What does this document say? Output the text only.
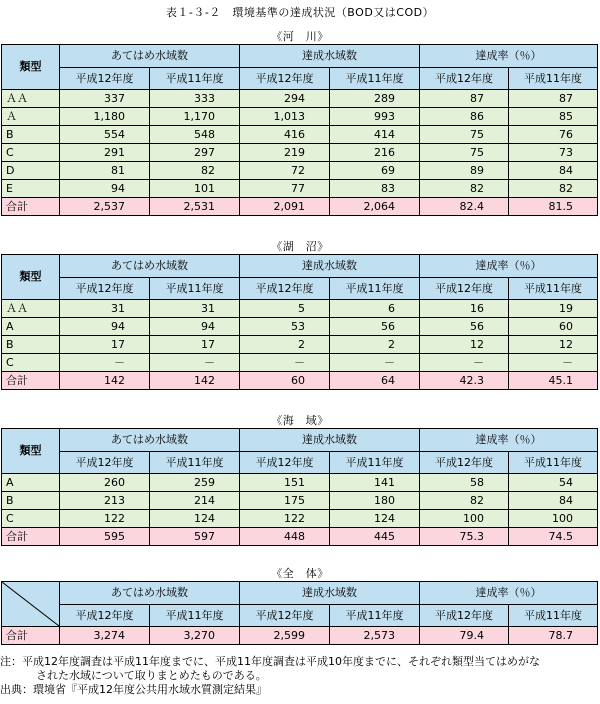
表１-３-２　環境基準の達成状況（BOD又はCOD）
《河　川》
類型	あてはめ水域数		達成水域数		達成率（％）	
	平成12年度	平成11年度	平成12年度	平成11年度	平成12年度	平成11年度
ＡＡ	337	333	294	289	87	87
Ａ	1,180	1,170	1,013	993	86	85
B	554	548	416	414	75	76
C	291	297	219	216	75	73
D	81	82	72	69	89	84
E	94	101	77	83	82	82
合計	2,537	2,531	2,091	2,064	82.4	81.5
《湖　沼》
類型	あてはめ水域数		達成水域数		達成率（％）	
	平成12年度	平成11年度	平成12年度	平成11年度	平成12年度	平成11年度
ＡＡ	31	31	5	6	16	19
A	94	94	53	56	56	60
B	17	17	2	2	12	12
C	－	－	－	－	－	－
合計	142	142	60	64	42.3	45.1
《海　域》
類型	あてはめ水域数		達成水域数		達成率（％）	
	平成12年度	平成11年度	平成12年度	平成11年度	平成12年度	平成11年度
A	260	259	151	141	58	54
B	213	214	175	180	82	84
C	122	124	122	124	100	100
合計	595	597	448	445	75.3	74.5
《全　体》
	あてはめ水域数		達成水域数		達成率（％）	
	平成12年度	平成11年度	平成12年度	平成11年度	平成12年度	平成11年度
合計	3,274	3,270	2,599	2,573	79.4	78.7
注：平成12年度調査は平成11年度までに、平成11年度調査は平成10年度までに、それぞれ類型当てはめがな
された水域について取りまとめたものである。
出典：環境省『平成12年度公共用水域水質測定結果』
